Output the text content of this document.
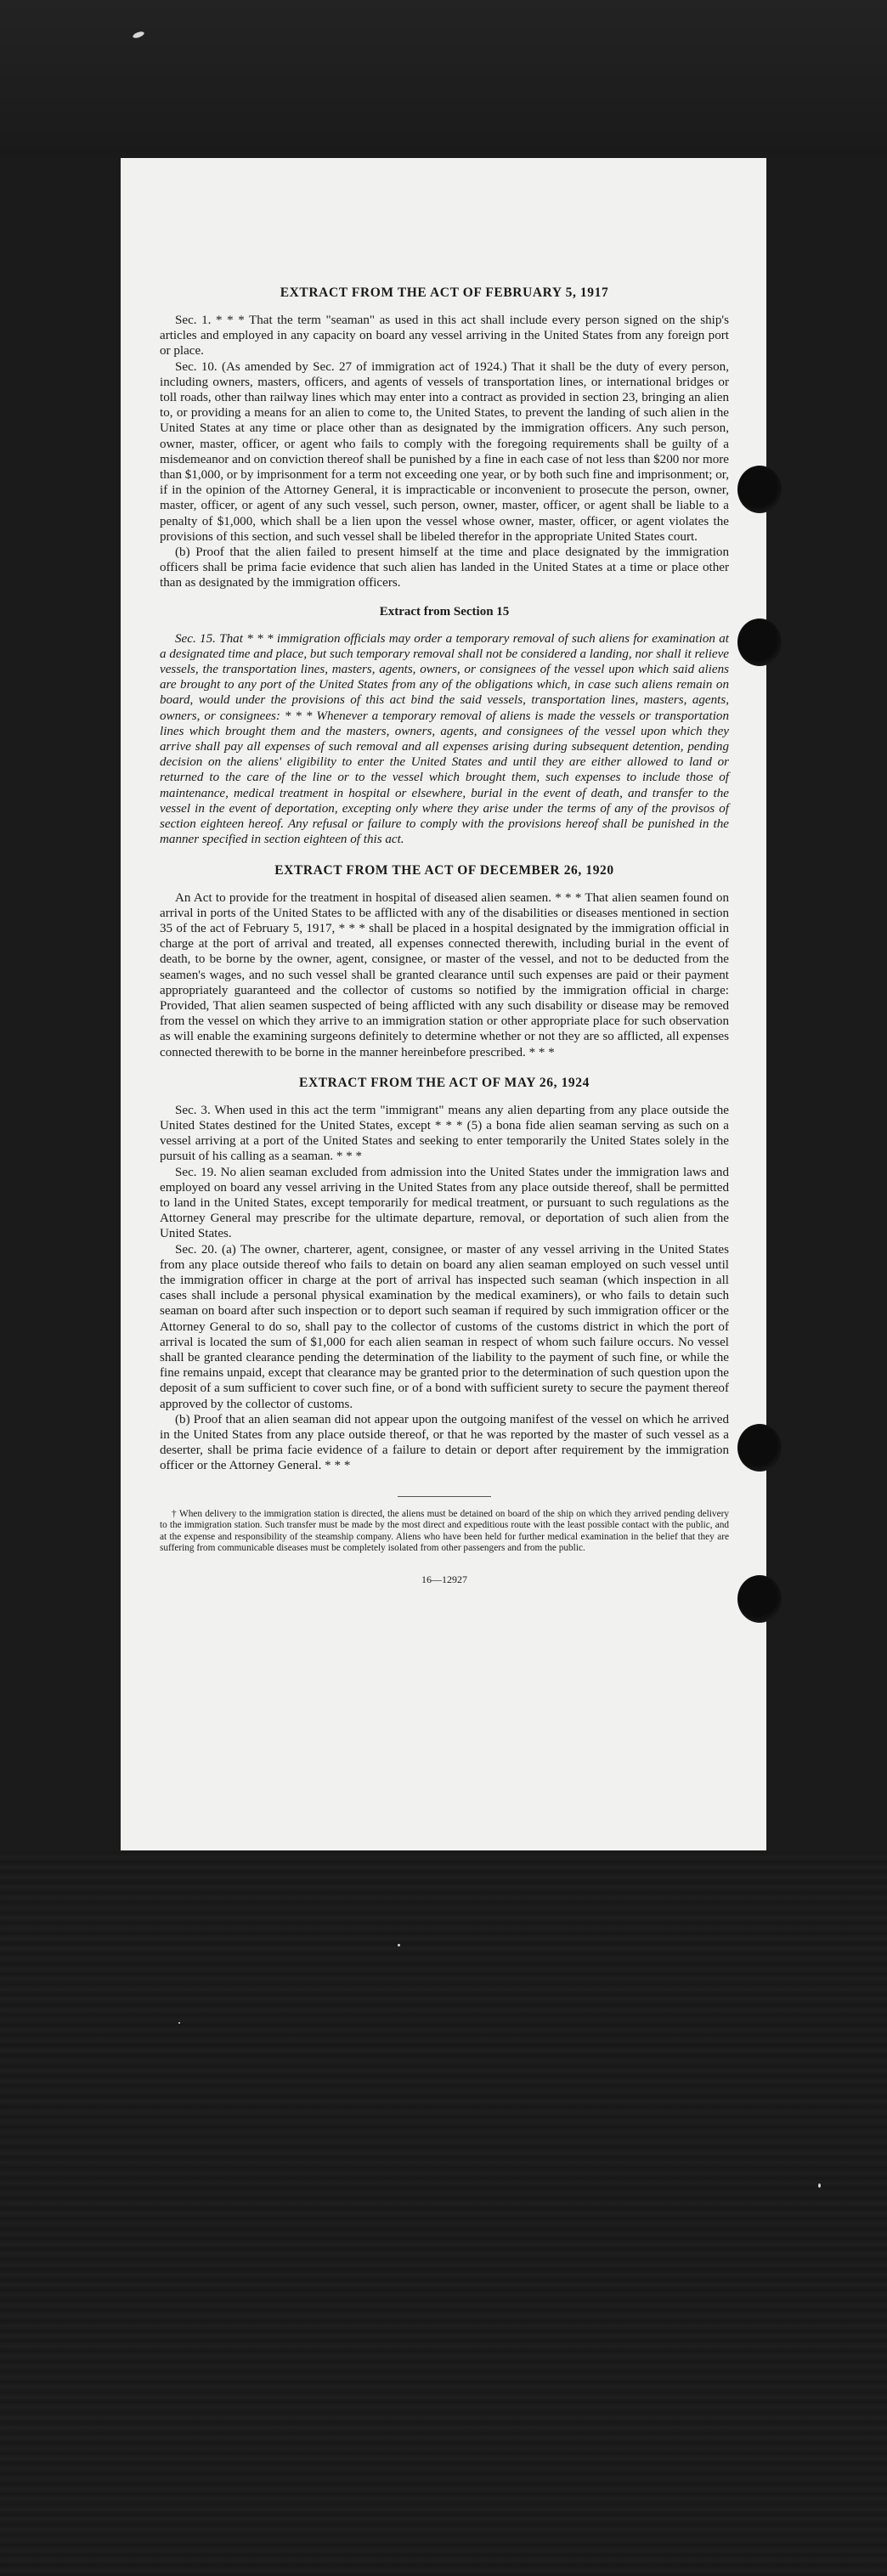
EXTRACT FROM THE ACT OF FEBRUARY 5, 1917

Sec. 1. * * * That the term "seaman" as used in this act shall include every person signed on the ship's articles and employed in any capacity on board any vessel arriving in the United States from any foreign port or place.

Sec. 10. (As amended by Sec. 27 of immigration act of 1924.) That it shall be the duty of every person, including owners, masters, officers, and agents of vessels of transportation lines, or international bridges or toll roads, other than railway lines which may enter into a contract as provided in section 23, bringing an alien to, or providing a means for an alien to come to, the United States, to prevent the landing of such alien in the United States at any time or place other than as designated by the immigration officers. Any such person, owner, master, officer, or agent who fails to comply with the foregoing requirements shall be guilty of a misdemeanor and on conviction thereof shall be punished by a fine in each case of not less than $200 nor more than $1,000, or by imprisonment for a term not exceeding one year, or by both such fine and imprisonment; or, if in the opinion of the Attorney General, it is impracticable or inconvenient to prosecute the person, owner, master, officer, or agent of any such vessel, such person, owner, master, officer, or agent shall be liable to a penalty of $1,000, which shall be a lien upon the vessel whose owner, master, officer, or agent violates the provisions of this section, and such vessel shall be libeled therefor in the appropriate United States court.

(b) Proof that the alien failed to present himself at the time and place designated by the immigration officers shall be prima facie evidence that such alien has landed in the United States at a time or place other than as designated by the immigration officers.

Extract from Section 15

Sec. 15. That * * * immigration officials may order a temporary removal of such aliens for examination at a designated time and place, but such temporary removal shall not be considered a landing, nor shall it relieve vessels, the transportation lines, masters, agents, owners, or consignees of the vessel upon which said aliens are brought to any port of the United States from any of the obligations which, in case such aliens remain on board, would under the provisions of this act bind the said vessels, transportation lines, masters, agents, owners, or consignees: * * * Whenever a temporary removal of aliens is made the vessels or transportation lines which brought them and the masters, owners, agents, and consignees of the vessel upon which they arrive shall pay all expenses of such removal and all expenses arising during subsequent detention, pending decision on the aliens' eligibility to enter the United States and until they are either allowed to land or returned to the care of the line or to the vessel which brought them, such expenses to include those of maintenance, medical treatment in hospital or elsewhere, burial in the event of death, and transfer to the vessel in the event of deportation, excepting only where they arise under the terms of any of the provisos of section eighteen hereof. Any refusal or failure to comply with the provisions hereof shall be punished in the manner specified in section eighteen of this act.

EXTRACT FROM THE ACT OF DECEMBER 26, 1920

An Act to provide for the treatment in hospital of diseased alien seamen. * * * That alien seamen found on arrival in ports of the United States to be afflicted with any of the disabilities or diseases mentioned in section 35 of the act of February 5, 1917, * * * shall be placed in a hospital designated by the immigration official in charge at the port of arrival and treated, all expenses connected therewith, including burial in the event of death, to be borne by the owner, agent, consignee, or master of the vessel, and not to be deducted from the seamen's wages, and no such vessel shall be granted clearance until such expenses are paid or their payment appropriately guaranteed and the collector of customs so notified by the immigration official in charge: Provided, That alien seamen suspected of being afflicted with any such disability or disease may be removed from the vessel on which they arrive to an immigration station or other appropriate place for such observation as will enable the examining surgeons definitely to determine whether or not they are so afflicted, all expenses connected therewith to be borne in the manner hereinbefore prescribed. * * *

EXTRACT FROM THE ACT OF MAY 26, 1924

Sec. 3. When used in this act the term "immigrant" means any alien departing from any place outside the United States destined for the United States, except * * * (5) a bona fide alien seaman serving as such on a vessel arriving at a port of the United States and seeking to enter temporarily the United States solely in the pursuit of his calling as a seaman. * * *

Sec. 19. No alien seaman excluded from admission into the United States under the immigration laws and employed on board any vessel arriving in the United States from any place outside thereof, shall be permitted to land in the United States, except temporarily for medical treatment, or pursuant to such regulations as the Attorney General may prescribe for the ultimate departure, removal, or deportation of such alien from the United States.

Sec. 20. (a) The owner, charterer, agent, consignee, or master of any vessel arriving in the United States from any place outside thereof who fails to detain on board any alien seaman employed on such vessel until the immigration officer in charge at the port of arrival has inspected such seaman (which inspection in all cases shall include a personal physical examination by the medical examiners), or who fails to detain such seaman on board after such inspection or to deport such seaman if required by such immigration officer or the Attorney General to do so, shall pay to the collector of customs of the customs district in which the port of arrival is located the sum of $1,000 for each alien seaman in respect of whom such failure occurs. No vessel shall be granted clearance pending the determination of the liability to the payment of such fine, or while the fine remains unpaid, except that clearance may be granted prior to the determination of such question upon the deposit of a sum sufficient to cover such fine, or of a bond with sufficient surety to secure the payment thereof approved by the collector of customs.

(b) Proof that an alien seaman did not appear upon the outgoing manifest of the vessel on which he arrived in the United States from any place outside thereof, or that he was reported by the master of such vessel as a deserter, shall be prima facie evidence of a failure to detain or deport after requirement by the immigration officer or the Attorney General. * * *

† When delivery to the immigration station is directed, the aliens must be detained on board of the ship on which they arrived pending delivery to the immigration station. Such transfer must be made by the most direct and expeditious route with the least possible contact with the public, and at the expense and responsibility of the steamship company. Aliens who have been held for further medical examination in the belief that they are suffering from communicable diseases must be completely isolated from other passengers and from the public.

16—12927
